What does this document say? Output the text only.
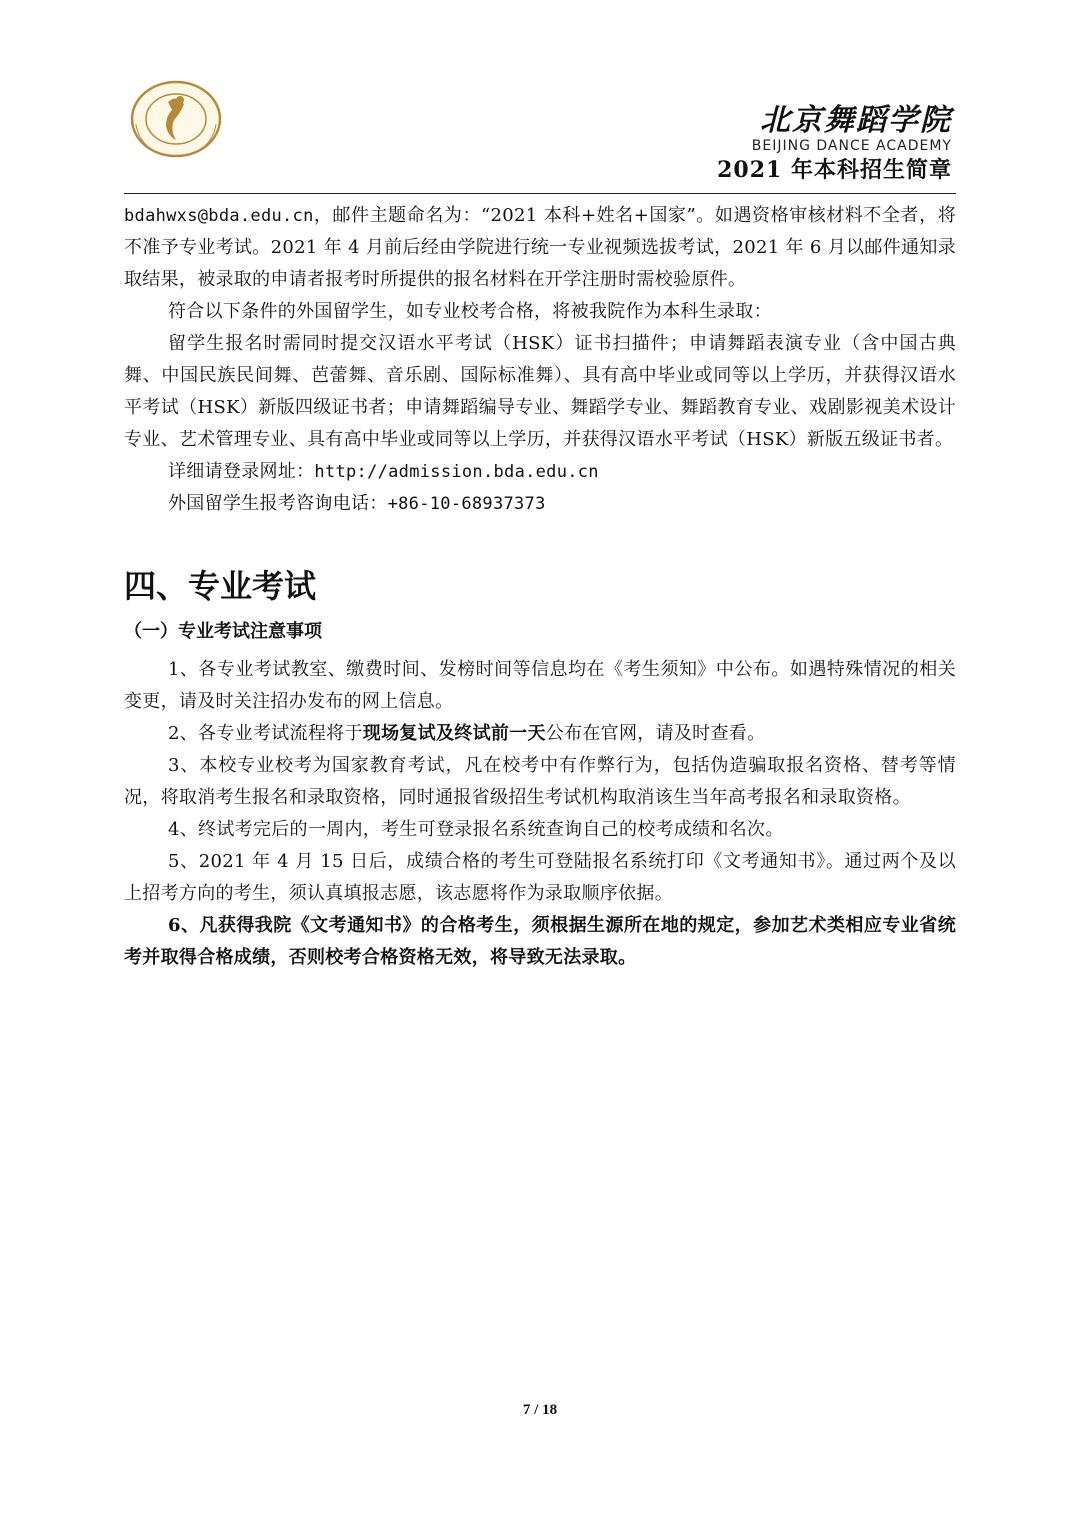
北京舞蹈学院
BEIJING DANCE ACADEMY
2021 年本科招生简章

bdahwxs@bda.edu.cn，邮件主题命名为：“2021 本科+姓名+国家”。如遇资格审核材料不全者，将不准予专业考试。2021 年 4 月前后经由学院进行统一专业视频选拔考试，2021 年 6 月以邮件通知录取结果，被录取的申请者报考时所提供的报名材料在开学注册时需校验原件。

符合以下条件的外国留学生，如专业校考合格，将被我院作为本科生录取：

留学生报名时需同时提交汉语水平考试（HSK）证书扫描件；申请舞蹈表演专业（含中国古典舞、中国民族民间舞、芭蕾舞、音乐剧、国际标准舞）、具有高中毕业或同等以上学历，并获得汉语水平考试（HSK）新版四级证书者；申请舞蹈编导专业、舞蹈学专业、舞蹈教育专业、戏剧影视美术设计专业、艺术管理专业、具有高中毕业或同等以上学历，并获得汉语水平考试（HSK）新版五级证书者。

详细请登录网址：http://admission.bda.edu.cn

外国留学生报考咨询电话：+86-10-68937373

四、专业考试
（一）专业考试注意事项

1、各专业考试教室、缴费时间、发榜时间等信息均在《考生须知》中公布。如遇特殊情况的相关变更，请及时关注招办发布的网上信息。

2、各专业考试流程将于现场复试及终试前一天公布在官网，请及时查看。

3、本校专业校考为国家教育考试，凡在校考中有作弊行为，包括伪造骗取报名资格、替考等情况，将取消考生报名和录取资格，同时通报省级招生考试机构取消该生当年高考报名和录取资格。

4、终试考完后的一周内，考生可登录报名系统查询自己的校考成绩和名次。

5、2021 年 4 月 15 日后，成绩合格的考生可登陆报名系统打印《文考通知书》。通过两个及以上招考方向的考生，须认真填报志愿，该志愿将作为录取顺序依据。

6、凡获得我院《文考通知书》的合格考生，须根据生源所在地的规定，参加艺术类相应专业省统考并取得合格成绩，否则校考合格资格无效，将导致无法录取。

7 / 18
